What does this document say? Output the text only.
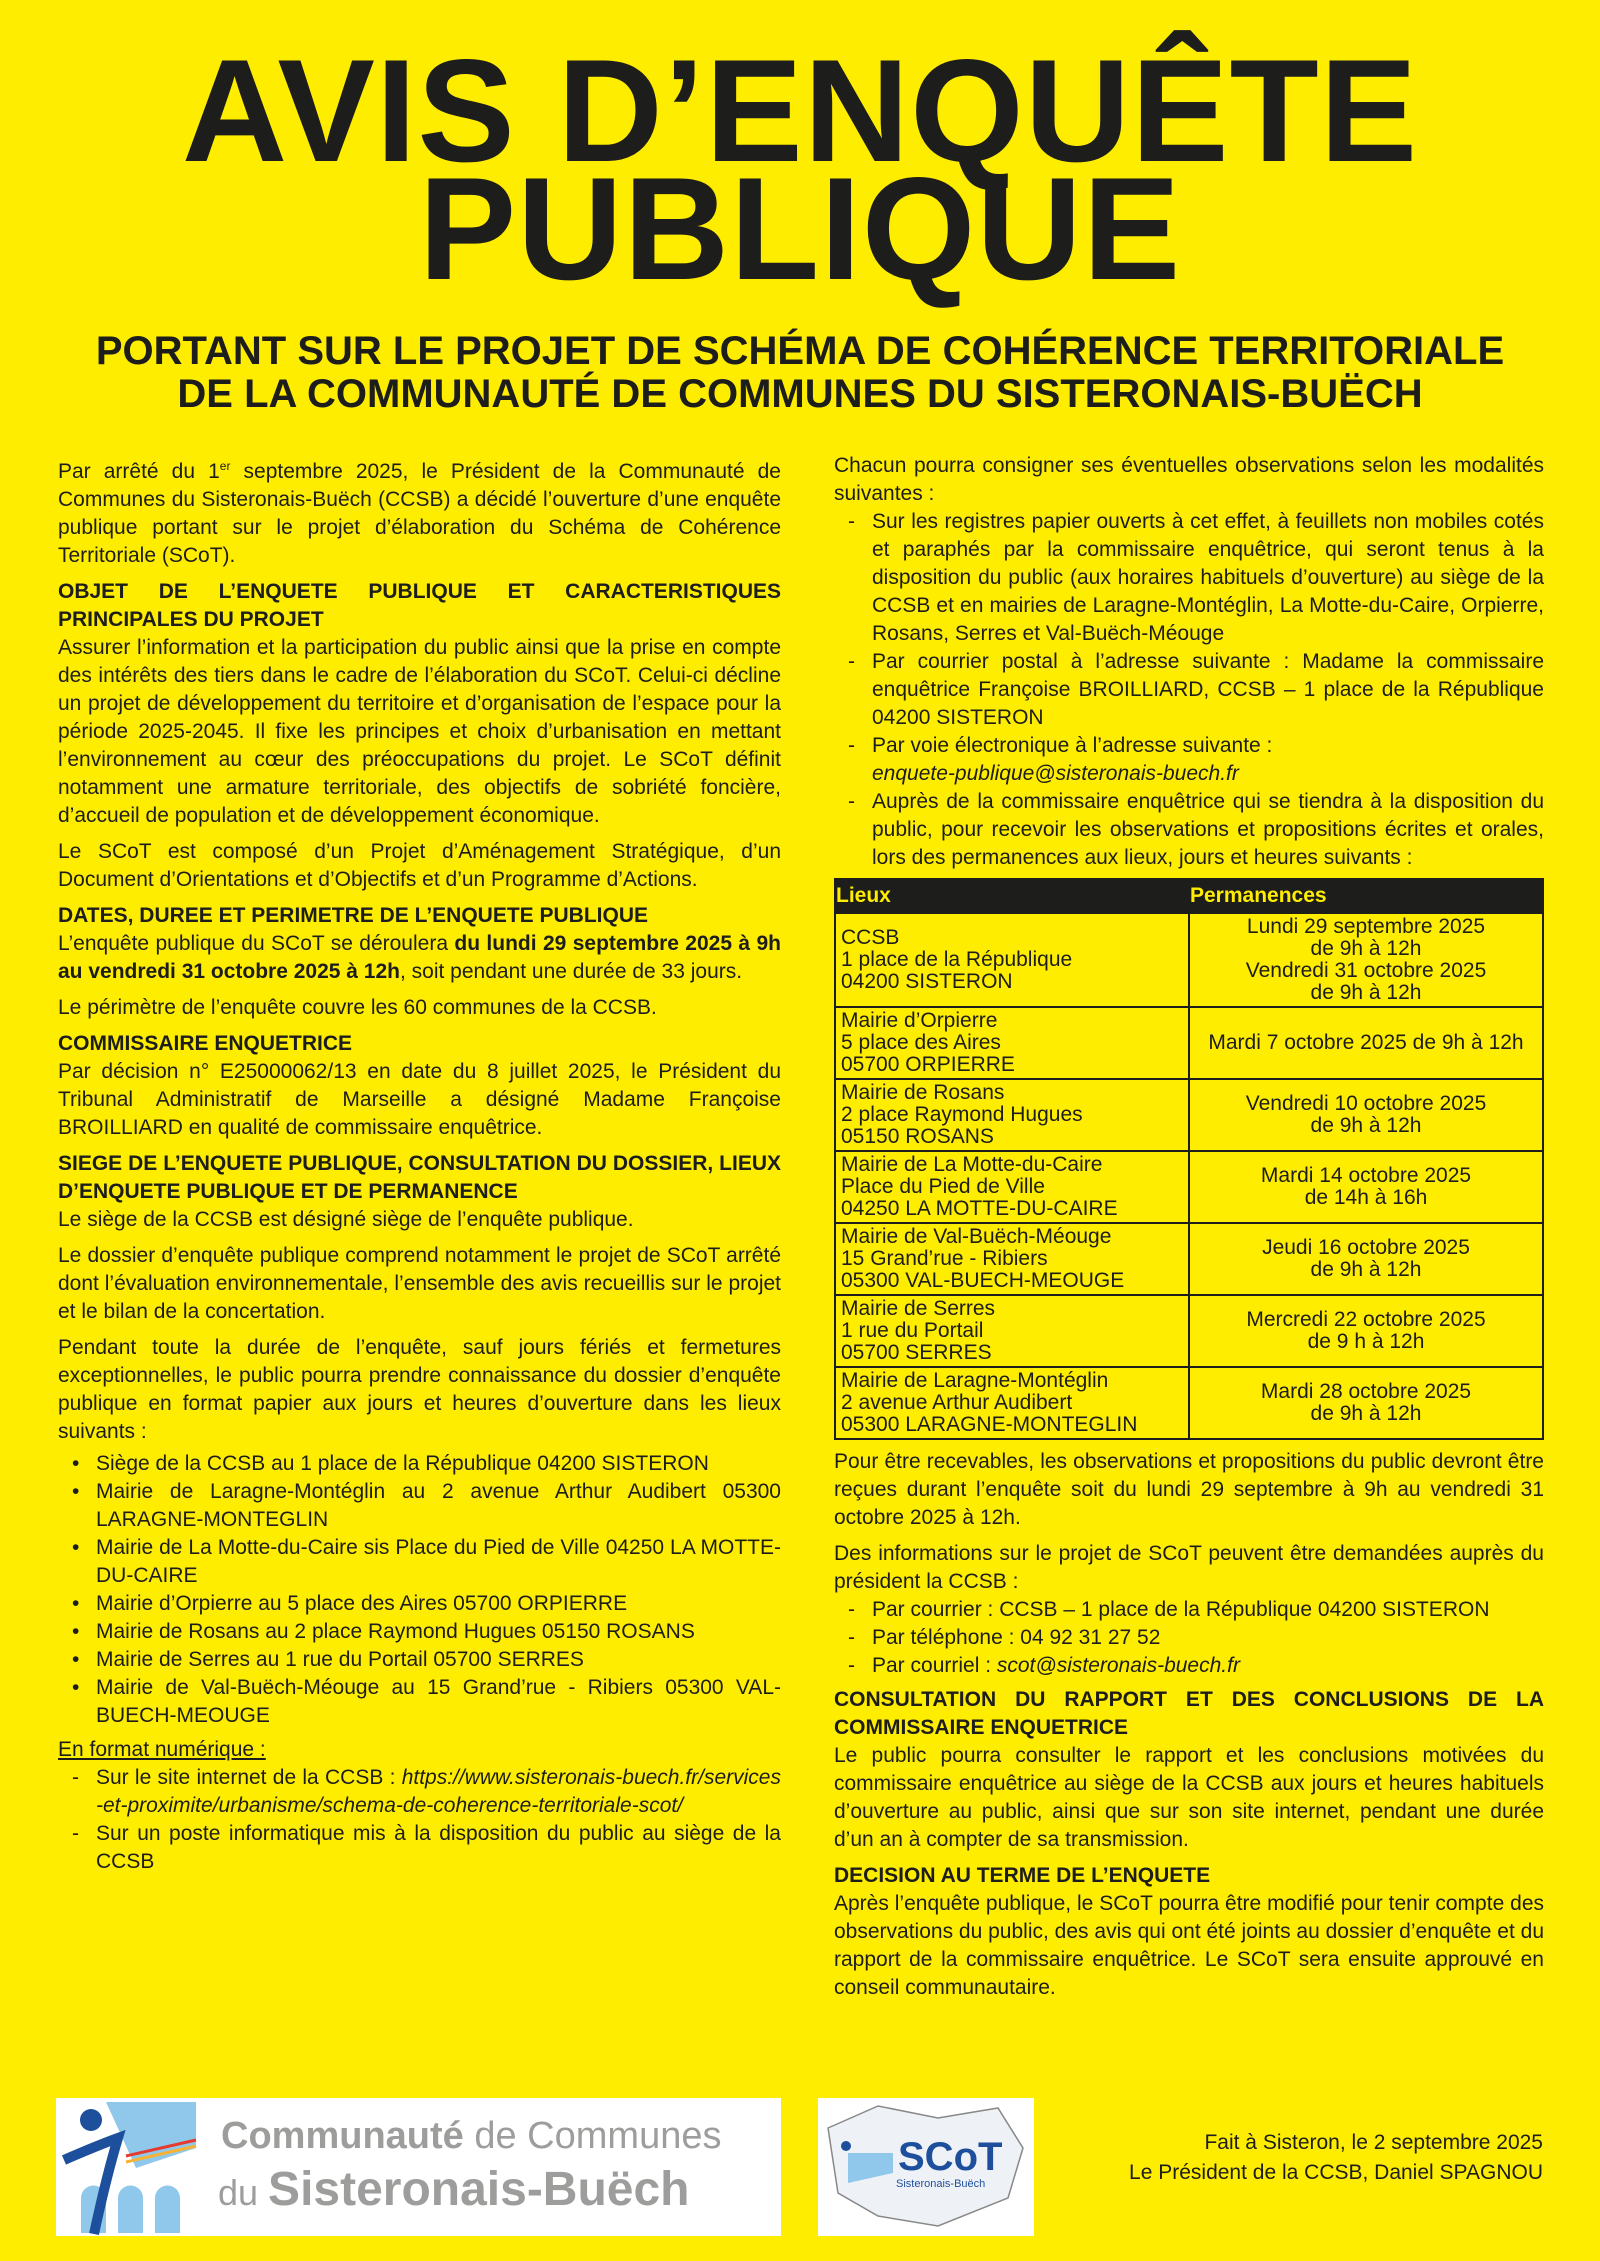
AVIS D’ENQUÊTE
PUBLIQUE
PORTANT SUR LE PROJET DE SCHÉMA DE COHÉRENCE TERRITORIALE
DE LA COMMUNAUTÉ DE COMMUNES DU SISTERONAIS-BUËCH

Par arrêté du 1er septembre 2025, le Président de la Communauté de Communes du Sisteronais-Buëch (CCSB) a décidé l’ouverture d’une enquête publique portant sur le projet d’élaboration du Schéma de Cohérence Territoriale (SCoT).

OBJET DE L’ENQUETE PUBLIQUE ET CARACTERISTIQUES PRINCIPALES DU PROJET

Assurer l’information et la participation du public ainsi que la prise en compte des intérêts des tiers dans le cadre de l’élaboration du SCoT. Celui-ci décline un projet de développement du territoire et d’organisation de l’espace pour la période 2025-2045. Il fixe les principes et choix d’urbanisation en mettant l’environnement au cœur des préoccupations du projet. Le SCoT définit notamment une armature territoriale, des objectifs de sobriété foncière, d’accueil de population et de développement économique.

Le SCoT est composé d’un Projet d’Aménagement Stratégique, d’un Document d’Orientations et d’Objectifs et d’un Programme d’Actions.

DATES, DUREE ET PERIMETRE DE L’ENQUETE PUBLIQUE

L’enquête publique du SCoT se déroulera du lundi 29 septembre 2025 à 9h au vendredi 31 octobre 2025 à 12h, soit pendant une durée de 33 jours.

Le périmètre de l’enquête couvre les 60 communes de la CCSB.

COMMISSAIRE ENQUETRICE

Par décision n° E25000062/13 en date du 8 juillet 2025, le Président du Tribunal Administratif de Marseille a désigné Madame Françoise BROILLIARD en qualité de commissaire enquêtrice.

SIEGE DE L’ENQUETE PUBLIQUE, CONSULTATION DU DOSSIER, LIEUX D’ENQUETE PUBLIQUE ET DE PERMANENCE

Le siège de la CCSB est désigné siège de l’enquête publique.

Le dossier d’enquête publique comprend notamment le projet de SCoT arrêté dont l’évaluation environnementale, l’ensemble des avis recueillis sur le projet et le bilan de la concertation.

Pendant toute la durée de l’enquête, sauf jours fériés et fermetures exceptionnelles, le public pourra prendre connaissance du dossier d’enquête publique en format papier aux jours et heures d’ouverture dans les lieux suivants :

• Siège de la CCSB au 1 place de la République 04200 SISTERON
• Mairie de Laragne-Montéglin au 2 avenue Arthur Audibert 05300 LARAGNE-MONTEGLIN
• Mairie de La Motte-du-Caire sis Place du Pied de Ville 04250 LA MOTTE-DU-CAIRE
• Mairie d’Orpierre au 5 place des Aires 05700 ORPIERRE
• Mairie de Rosans au 2 place Raymond Hugues 05150 ROSANS
• Mairie de Serres au 1 rue du Portail 05700 SERRES
• Mairie de Val-Buëch-Méouge au 15 Grand’rue - Ribiers 05300 VAL-BUECH-MEOUGE
En format numérique :
- Sur le site internet de la CCSB : https://www.sisteronais-buech.fr/services-et-proximite/urbanisme/schema-de-coherence-territoriale-scot/
- Sur un poste informatique mis à la disposition du public au siège de la CCSB

Chacun pourra consigner ses éventuelles observations selon les modalités suivantes :

- Sur les registres papier ouverts à cet effet, à feuillets non mobiles cotés et paraphés par la commissaire enquêtrice, qui seront tenus à la disposition du public (aux horaires habituels d’ouverture) au siège de la CCSB et en mairies de Laragne-Montéglin, La Motte-du-Caire, Orpierre, Rosans, Serres et Val-Buëch-Méouge
- Par courrier postal à l’adresse suivante : Madame la commissaire enquêtrice Françoise BROILLIARD, CCSB – 1 place de la République 04200 SISTERON
- Par voie électronique à l’adresse suivante :
enquete-publique@sisteronais-buech.fr
- Auprès de la commissaire enquêtrice qui se tiendra à la disposition du public, pour recevoir les observations et propositions écrites et orales, lors des permanences aux lieux, jours et heures suivants :
Lieux	Permanences
CCSB
1 place de la République
04200 SISTERON	Lundi 29 septembre 2025
de 9h à 12h
Vendredi 31 octobre 2025
de 9h à 12h
Mairie d’Orpierre
5 place des Aires
05700 ORPIERRE	Mardi 7 octobre 2025 de 9h à 12h
Mairie de Rosans
2 place Raymond Hugues
05150 ROSANS	Vendredi 10 octobre 2025
de 9h à 12h
Mairie de La Motte-du-Caire
Place du Pied de Ville
04250 LA MOTTE-DU-CAIRE	Mardi 14 octobre 2025
de 14h à 16h
Mairie de Val-Buëch-Méouge
15 Grand’rue - Ribiers
05300 VAL-BUECH-MEOUGE	Jeudi 16 octobre 2025
de 9h à 12h
Mairie de Serres
1 rue du Portail
05700 SERRES	Mercredi 22 octobre 2025
de 9 h à 12h
Mairie de Laragne-Montéglin
2 avenue Arthur Audibert
05300 LARAGNE-MONTEGLIN	Mardi 28 octobre 2025
de 9h à 12h

Pour être recevables, les observations et propositions du public devront être reçues durant l’enquête soit du lundi 29 septembre à 9h au vendredi 31 octobre 2025 à 12h.

Des informations sur le projet de SCoT peuvent être demandées auprès du président la CCSB :

- Par courrier : CCSB – 1 place de la République 04200 SISTERON
- Par téléphone : 04 92 31 27 52
- Par courriel : scot@sisteronais-buech.fr
CONSULTATION DU RAPPORT ET DES CONCLUSIONS DE LA COMMISSAIRE ENQUETRICE

Le public pourra consulter le rapport et les conclusions motivées du commissaire enquêtrice au siège de la CCSB aux jours et heures habituels d’ouverture au public, ainsi que sur son site internet, pendant une durée d’un an à compter de sa transmission.

DECISION AU TERME DE L’ENQUETE

Après l’enquête publique, le SCoT pourra être modifié pour tenir compte des observations du public, des avis qui ont été joints au dossier d’enquête et du rapport de la commissaire enquêtrice. Le SCoT sera ensuite approuvé en conseil communautaire.

Communauté de Communes
du Sisteronais-Buëch
SCoT
Sisteronais-Buëch
Fait à Sisteron, le 2 septembre 2025
Le Président de la CCSB, Daniel SPAGNOU
